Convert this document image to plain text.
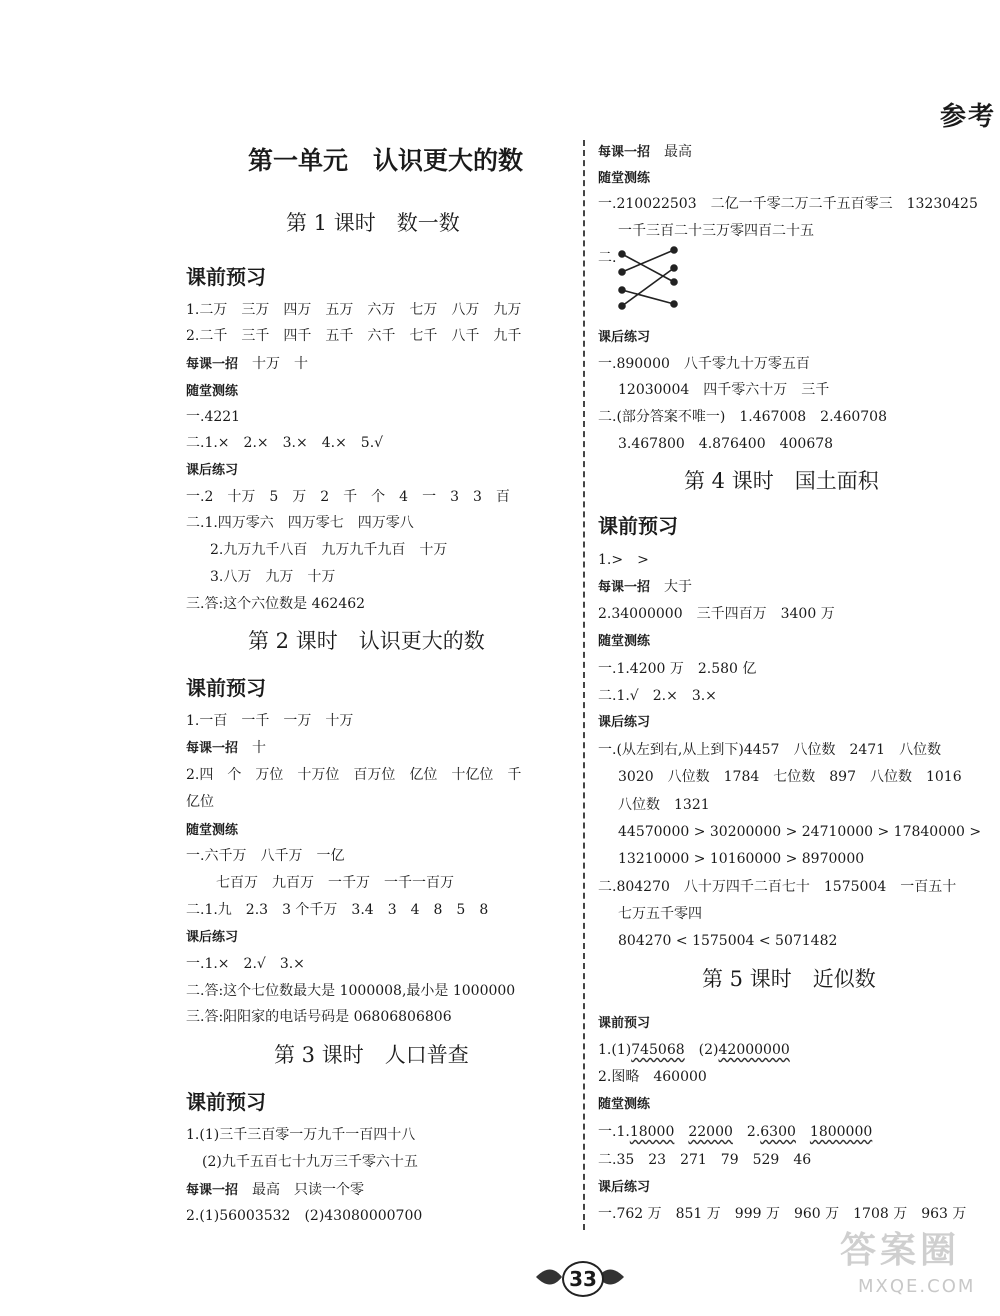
参考
第一单元　认识更大的数
第 1 课时　数一数
课前预习
1.二万　三万　四万　五万　六万　七万　八万　九万
2.二千　三千　四千　五千　六千　七千　八千　九千
每课一招　 十万　十
随堂测练
一.4221
二.1.×　2.×　3.×　4.×　5.√
课后练习
一.2　十万　5　万　2　千　个　4　一　3　3　百
二.1.四万零六　四万零七　四万零八
2.九万九千八百　九万九千九百　十万
3.八万　九万　十万
三.答:这个六位数是 462462
第 2 课时　认识更大的数
课前预习
1.一百　一千　一万　十万
每课一招　 十
2.四　个　万位　十万位　百万位　亿位　十亿位　千
亿位
随堂测练
一.六千万　八千万　一亿
七百万　九百万　一千万　一千一百万
二.1.九　2.3　3 个千万　3.4　3　4　8　5　8
课后练习
一.1.×　2.√　3.×
二.答:这个七位数最大是 1000008,最小是 1000000
三.答:阳阳家的电话号码是 06806806806
第 3 课时　人口普查
课前预习
1.(1)三千三百零一万九千一百四十八
(2)九千五百七十九万三千零六十五
每课一招　 最高　只读一个零
2.(1)56003532　(2)43080000700
每课一招　 最高
随堂测练
一.210022503　二亿一千零二万二千五百零三　13230425
一千三百二十三万零四百二十五
二.
课后练习
一.890000　八千零九十万零五百
12030004　四千零六十万　三千
二.(部分答案不唯一)　1.467008　2.460708
3.467800　4.876400　400678
第 4 课时　国土面积
课前预习
1.>　>
每课一招　 大于
2.34000000　三千四百万　3400 万
随堂测练
一.1.4200 万　2.580 亿
二.1.√　2.×　3.×
课后练习
一.(从左到右,从上到下)4457　八位数　2471　八位数
3020　八位数　1784　七位数　897　八位数　1016
八位数　1321
44570000 > 30200000 > 24710000 > 17840000 >
13210000 > 10160000 > 8970000
二.804270　八十万四千二百七十　1575004　一百五十
七万五千零四
804270 < 1575004 < 5071482
第 5 课时　近似数
课前预习
1.(1)745068　 (2)42000000
2.图略　460000
随堂测练
一.1.18000　 22000　 2.6300　 1800000
二.35　23　271　79　529　46
课后练习
一.762 万　851 万　999 万　960 万　1708 万　963 万
33
答案圈
MXQE.COM
